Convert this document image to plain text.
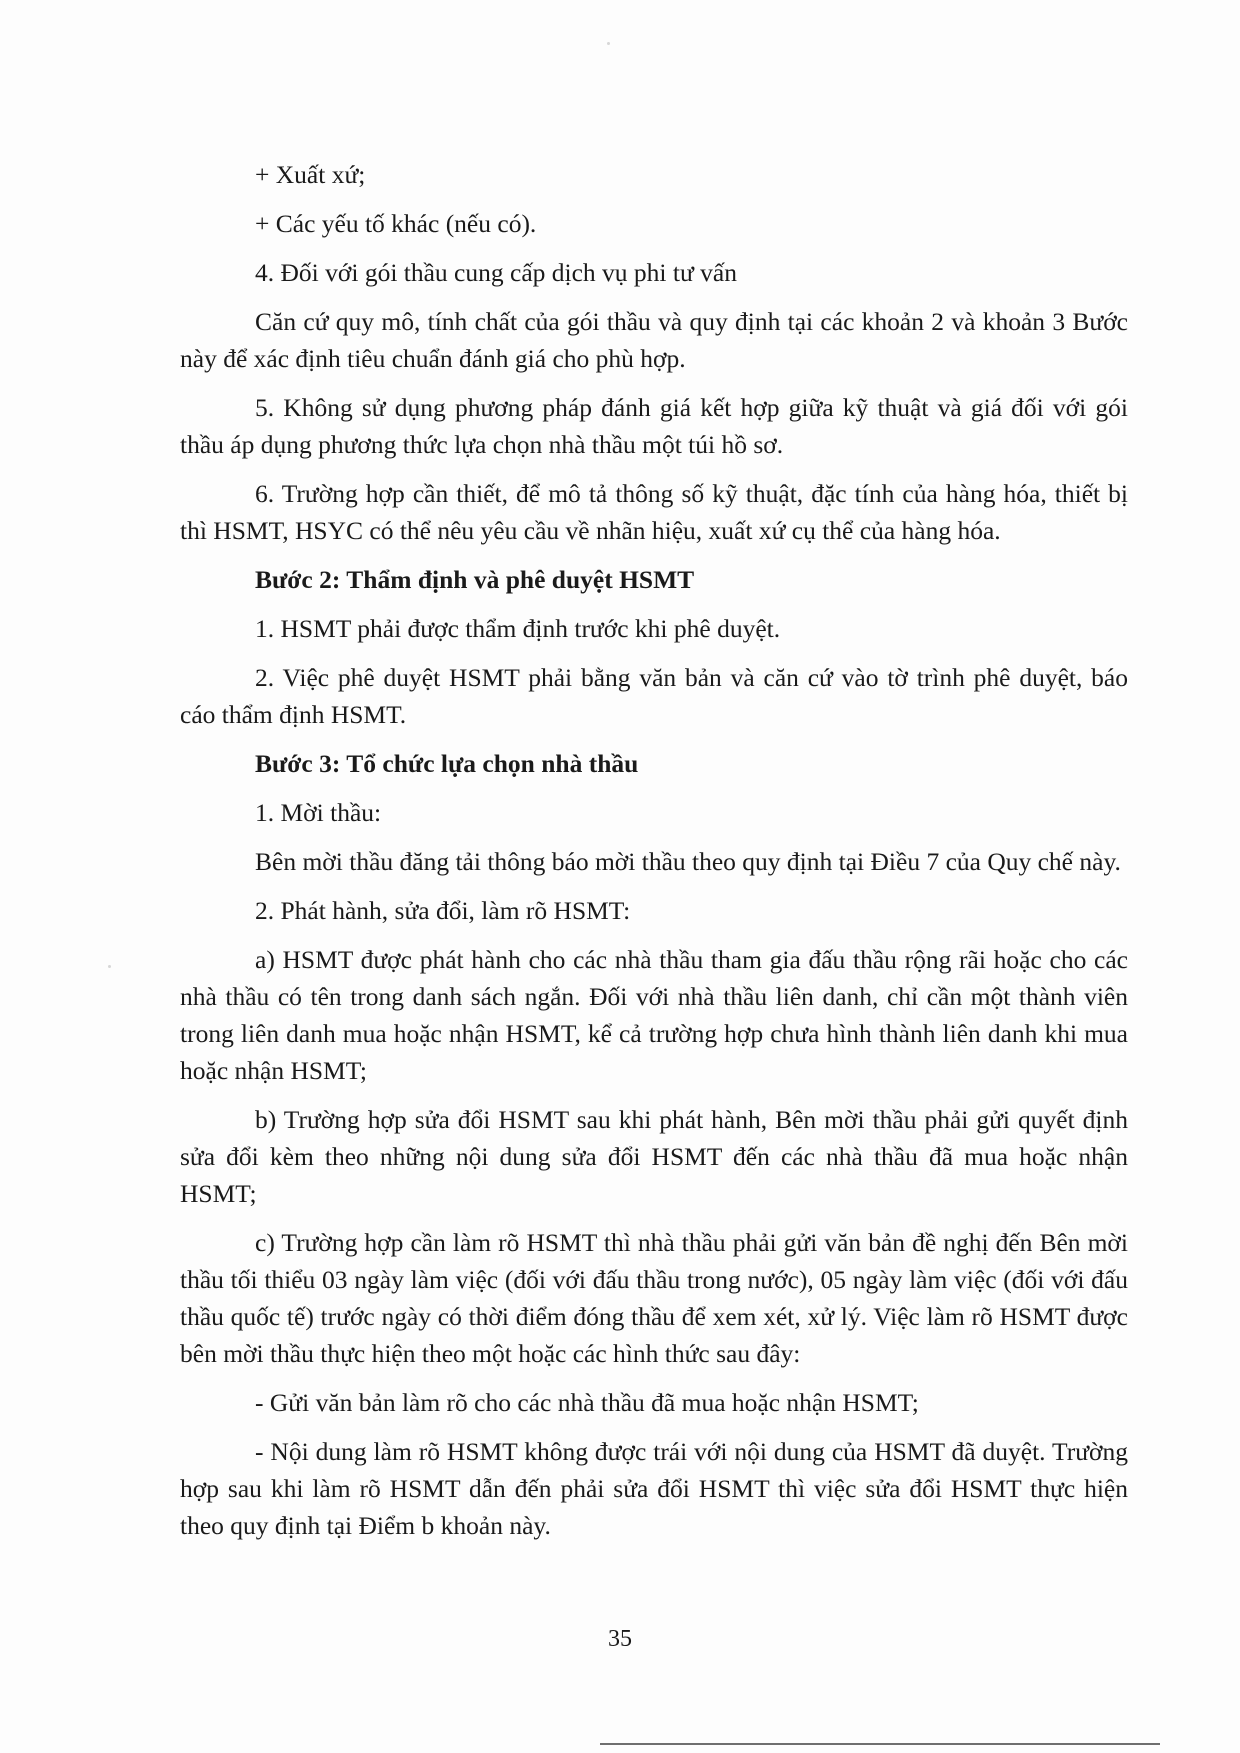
+ Xuất xứ;

+ Các yếu tố khác (nếu có).

4. Đối với gói thầu cung cấp dịch vụ phi tư vấn

Căn cứ quy mô, tính chất của gói thầu và quy định tại các khoản 2 và khoản 3 Bước này để xác định tiêu chuẩn đánh giá cho phù hợp.

5. Không sử dụng phương pháp đánh giá kết hợp giữa kỹ thuật và giá đối với gói thầu áp dụng phương thức lựa chọn nhà thầu một túi hồ sơ.

6. Trường hợp cần thiết, để mô tả thông số kỹ thuật, đặc tính của hàng hóa, thiết bị thì HSMT, HSYC có thể nêu yêu cầu về nhãn hiệu, xuất xứ cụ thể của hàng hóa.

Bước 2: Thẩm định và phê duyệt HSMT

1. HSMT phải được thẩm định trước khi phê duyệt.

2. Việc phê duyệt HSMT phải bằng văn bản và căn cứ vào tờ trình phê duyệt, báo cáo thẩm định HSMT.

Bước 3: Tổ chức lựa chọn nhà thầu

1. Mời thầu:

Bên mời thầu đăng tải thông báo mời thầu theo quy định tại Điều 7 của Quy chế này.

2. Phát hành, sửa đổi, làm rõ HSMT:

a) HSMT được phát hành cho các nhà thầu tham gia đấu thầu rộng rãi hoặc cho các nhà thầu có tên trong danh sách ngắn. Đối với nhà thầu liên danh, chỉ cần một thành viên trong liên danh mua hoặc nhận HSMT, kể cả trường hợp chưa hình thành liên danh khi mua hoặc nhận HSMT;

b) Trường hợp sửa đổi HSMT sau khi phát hành, Bên mời thầu phải gửi quyết định sửa đổi kèm theo những nội dung sửa đổi HSMT đến các nhà thầu đã mua hoặc nhận HSMT;

c) Trường hợp cần làm rõ HSMT thì nhà thầu phải gửi văn bản đề nghị đến Bên mời thầu tối thiểu 03 ngày làm việc (đối với đấu thầu trong nước), 05 ngày làm việc (đối với đấu thầu quốc tế) trước ngày có thời điểm đóng thầu để xem xét, xử lý. Việc làm rõ HSMT được bên mời thầu thực hiện theo một hoặc các hình thức sau đây:

- Gửi văn bản làm rõ cho các nhà thầu đã mua hoặc nhận HSMT;

- Nội dung làm rõ HSMT không được trái với nội dung của HSMT đã duyệt. Trường hợp sau khi làm rõ HSMT dẫn đến phải sửa đổi HSMT thì việc sửa đổi HSMT thực hiện theo quy định tại Điểm b khoản này.

35
